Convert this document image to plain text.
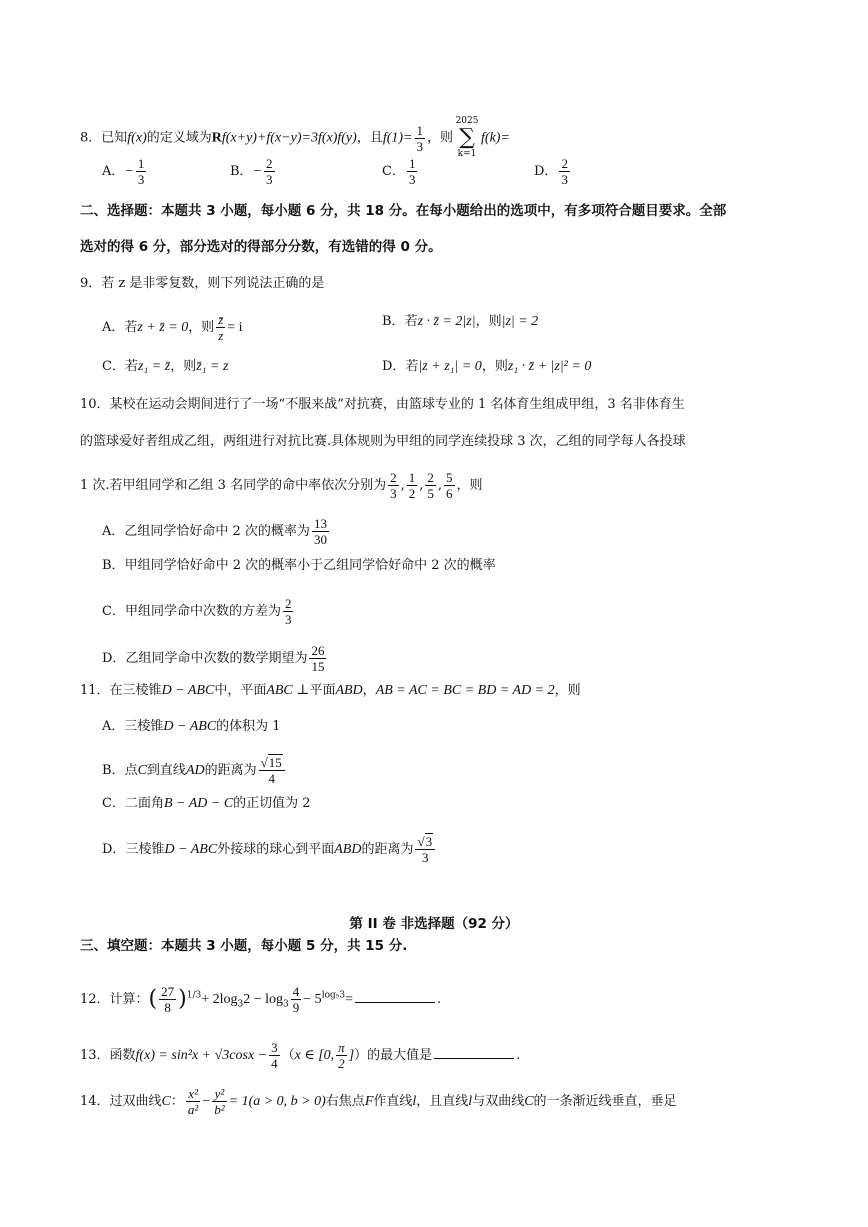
8．已知f(x)的定义域为Rf(x+y)+f(x−y)=3f(x)f(y)，且$f(1)= \frac{1}{3}$ ，则2025
∑
k=1f(k)=
A．− $\frac{1}{3}$	B．− $\frac{2}{3}$	C． $\frac{1}{3}$	D． $\frac{2}{3}$
二、选择题：本题共 3 小题，每小题 6 分，共 18 分。在每小题给出的选项中，有多项符合题目要求。全部
选对的得 6 分，部分选对的得部分分数，有选错的得 0 分。
9．若 z 是非零复数，则下列说法正确的是
A．若z + z̄ = 0，则 $\frac{z̄}{z} = i$	B．若z · z̄ = 2|z|，则|z| = 2
C．若z₁ = z̄，则z̄₁ = z	D．若|z + z₁| = 0，则z₁ · z̄ + |z|² = 0
10．某校在运动会期间进行了一场“不服来战”对抗赛，由篮球专业的 1 名体育生组成甲组，3 名非体育生
的篮球爱好者组成乙组，两组进行对抗比赛.具体规则为甲组的同学连续投球 3 次，乙组的同学每人各投球
1 次.若甲组同学和乙组 3 名同学的命中率依次分别为 $\frac{2}{3}$ , $\frac{1}{2}$ , $\frac{2}{5}$ , $\frac{5}{6}$ ，则
A．乙组同学恰好命中 2 次的概率为 $\frac{13}{30}$
B．甲组同学恰好命中 2 次的概率小于乙组同学恰好命中 2 次的概率
C．甲组同学命中次数的方差为 $\frac{2}{3}$
D．乙组同学命中次数的数学期望为 $\frac{26}{15}$
11．在三棱锥D − ABC中，平面ABC ⊥平面ABD，AB = AC = BC = BD = AD = 2，则
A．三棱锥D − ABC的体积为 1
B．点C到直线AD的距离为 $\frac{√15}{4}$
C．二面角B − AD − C的正切值为 2
D．三棱锥D − ABC外接球的球心到平面ABD的距离为 $\frac{√3}{3}$
第 II 卷 非选择题（92 分）
三、填空题：本题共 3 小题，每小题 5 分，共 15 分.
12．计算：( $\frac{27}{8} )^{1/3}+ 2\log_32 - \log_3 \frac{4}{9} - 5^{log_53}=$	.
13．函数$f(x) = \sin^2x + √3\cos x - \frac{3}{4} (x$ ∈ [0, $\frac{\pi}{2}$ ]）的最大值是	.
14．过双曲线C： $\frac{\text{x²}}{\text{a²}} - \frac{\text{y²}}{\text{b²}} = 1(a > 0$, b > 0)右焦点F作直线l，且直线l与双曲线C的一条渐近线垂直，垂足
